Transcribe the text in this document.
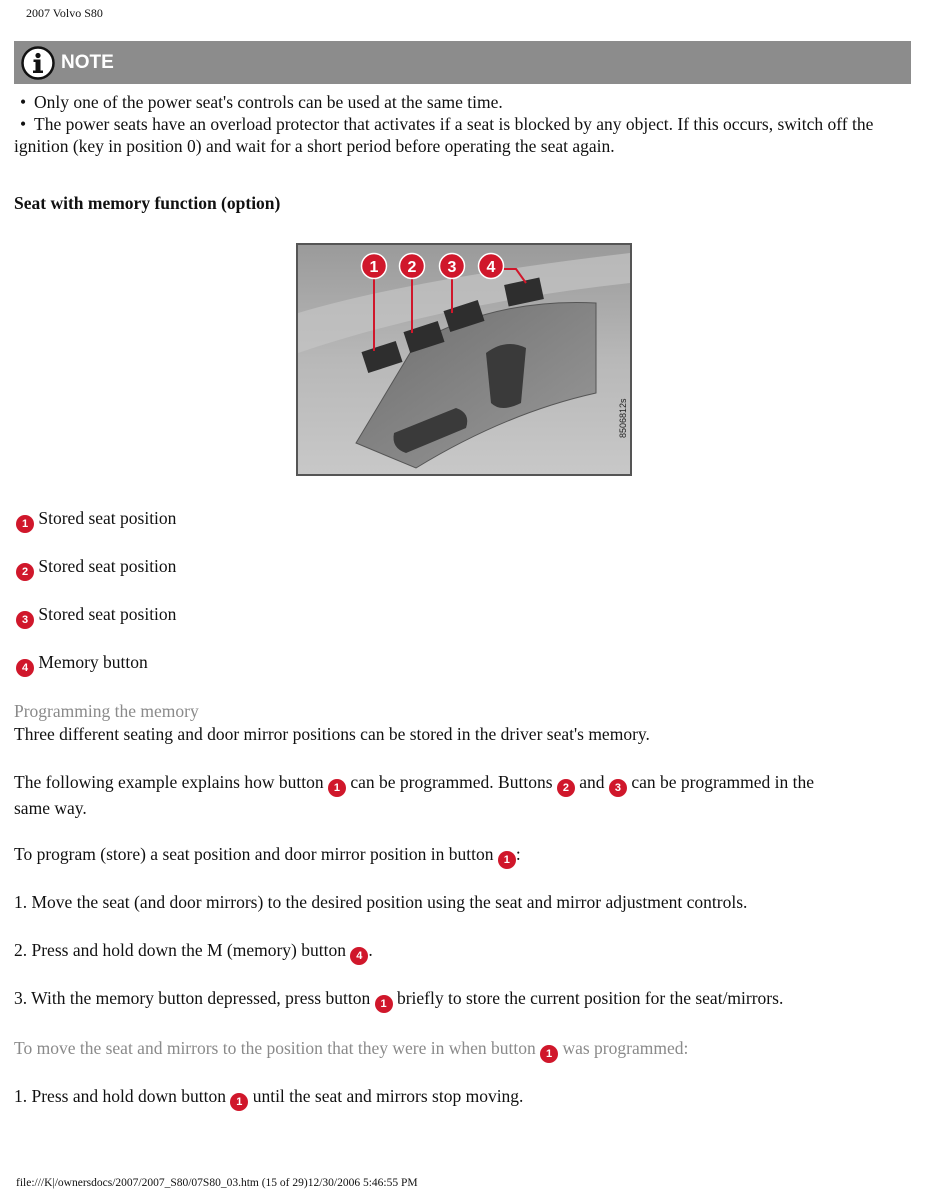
2007 Volvo S80
NOTE
• Only one of the power seat's controls can be used at the same time.
• The power seats have an overload protector that activates if a seat is blocked by any object. If this occurs, switch off the ignition (key in position 0) and wait for a short period before operating the seat again.
Seat with memory function (option)
1 2 3 4
8506812s
1 Stored seat position
2 Stored seat position
3 Stored seat position
4 Memory button
Programming the memory
Three different seating and door mirror positions can be stored in the driver seat's memory.
The following example explains how button 1 can be programmed. Buttons 2 and 3 can be programmed in the
same way.
To program (store) a seat position and door mirror position in button 1 :
1. Move the seat (and door mirrors) to the desired position using the seat and mirror adjustment controls.
2. Press and hold down the M (memory) button 4 .
3. With the memory button depressed, press button 1 briefly to store the current position for the seat/mirrors.
To move the seat and mirrors to the position that they were in when button 1 was programmed:
1. Press and hold down button 1 until the seat and mirrors stop moving.
file:///K|/ownersdocs/2007/2007_S80/07S80_03.htm (15 of 29)12/30/2006 5:46:55 PM
